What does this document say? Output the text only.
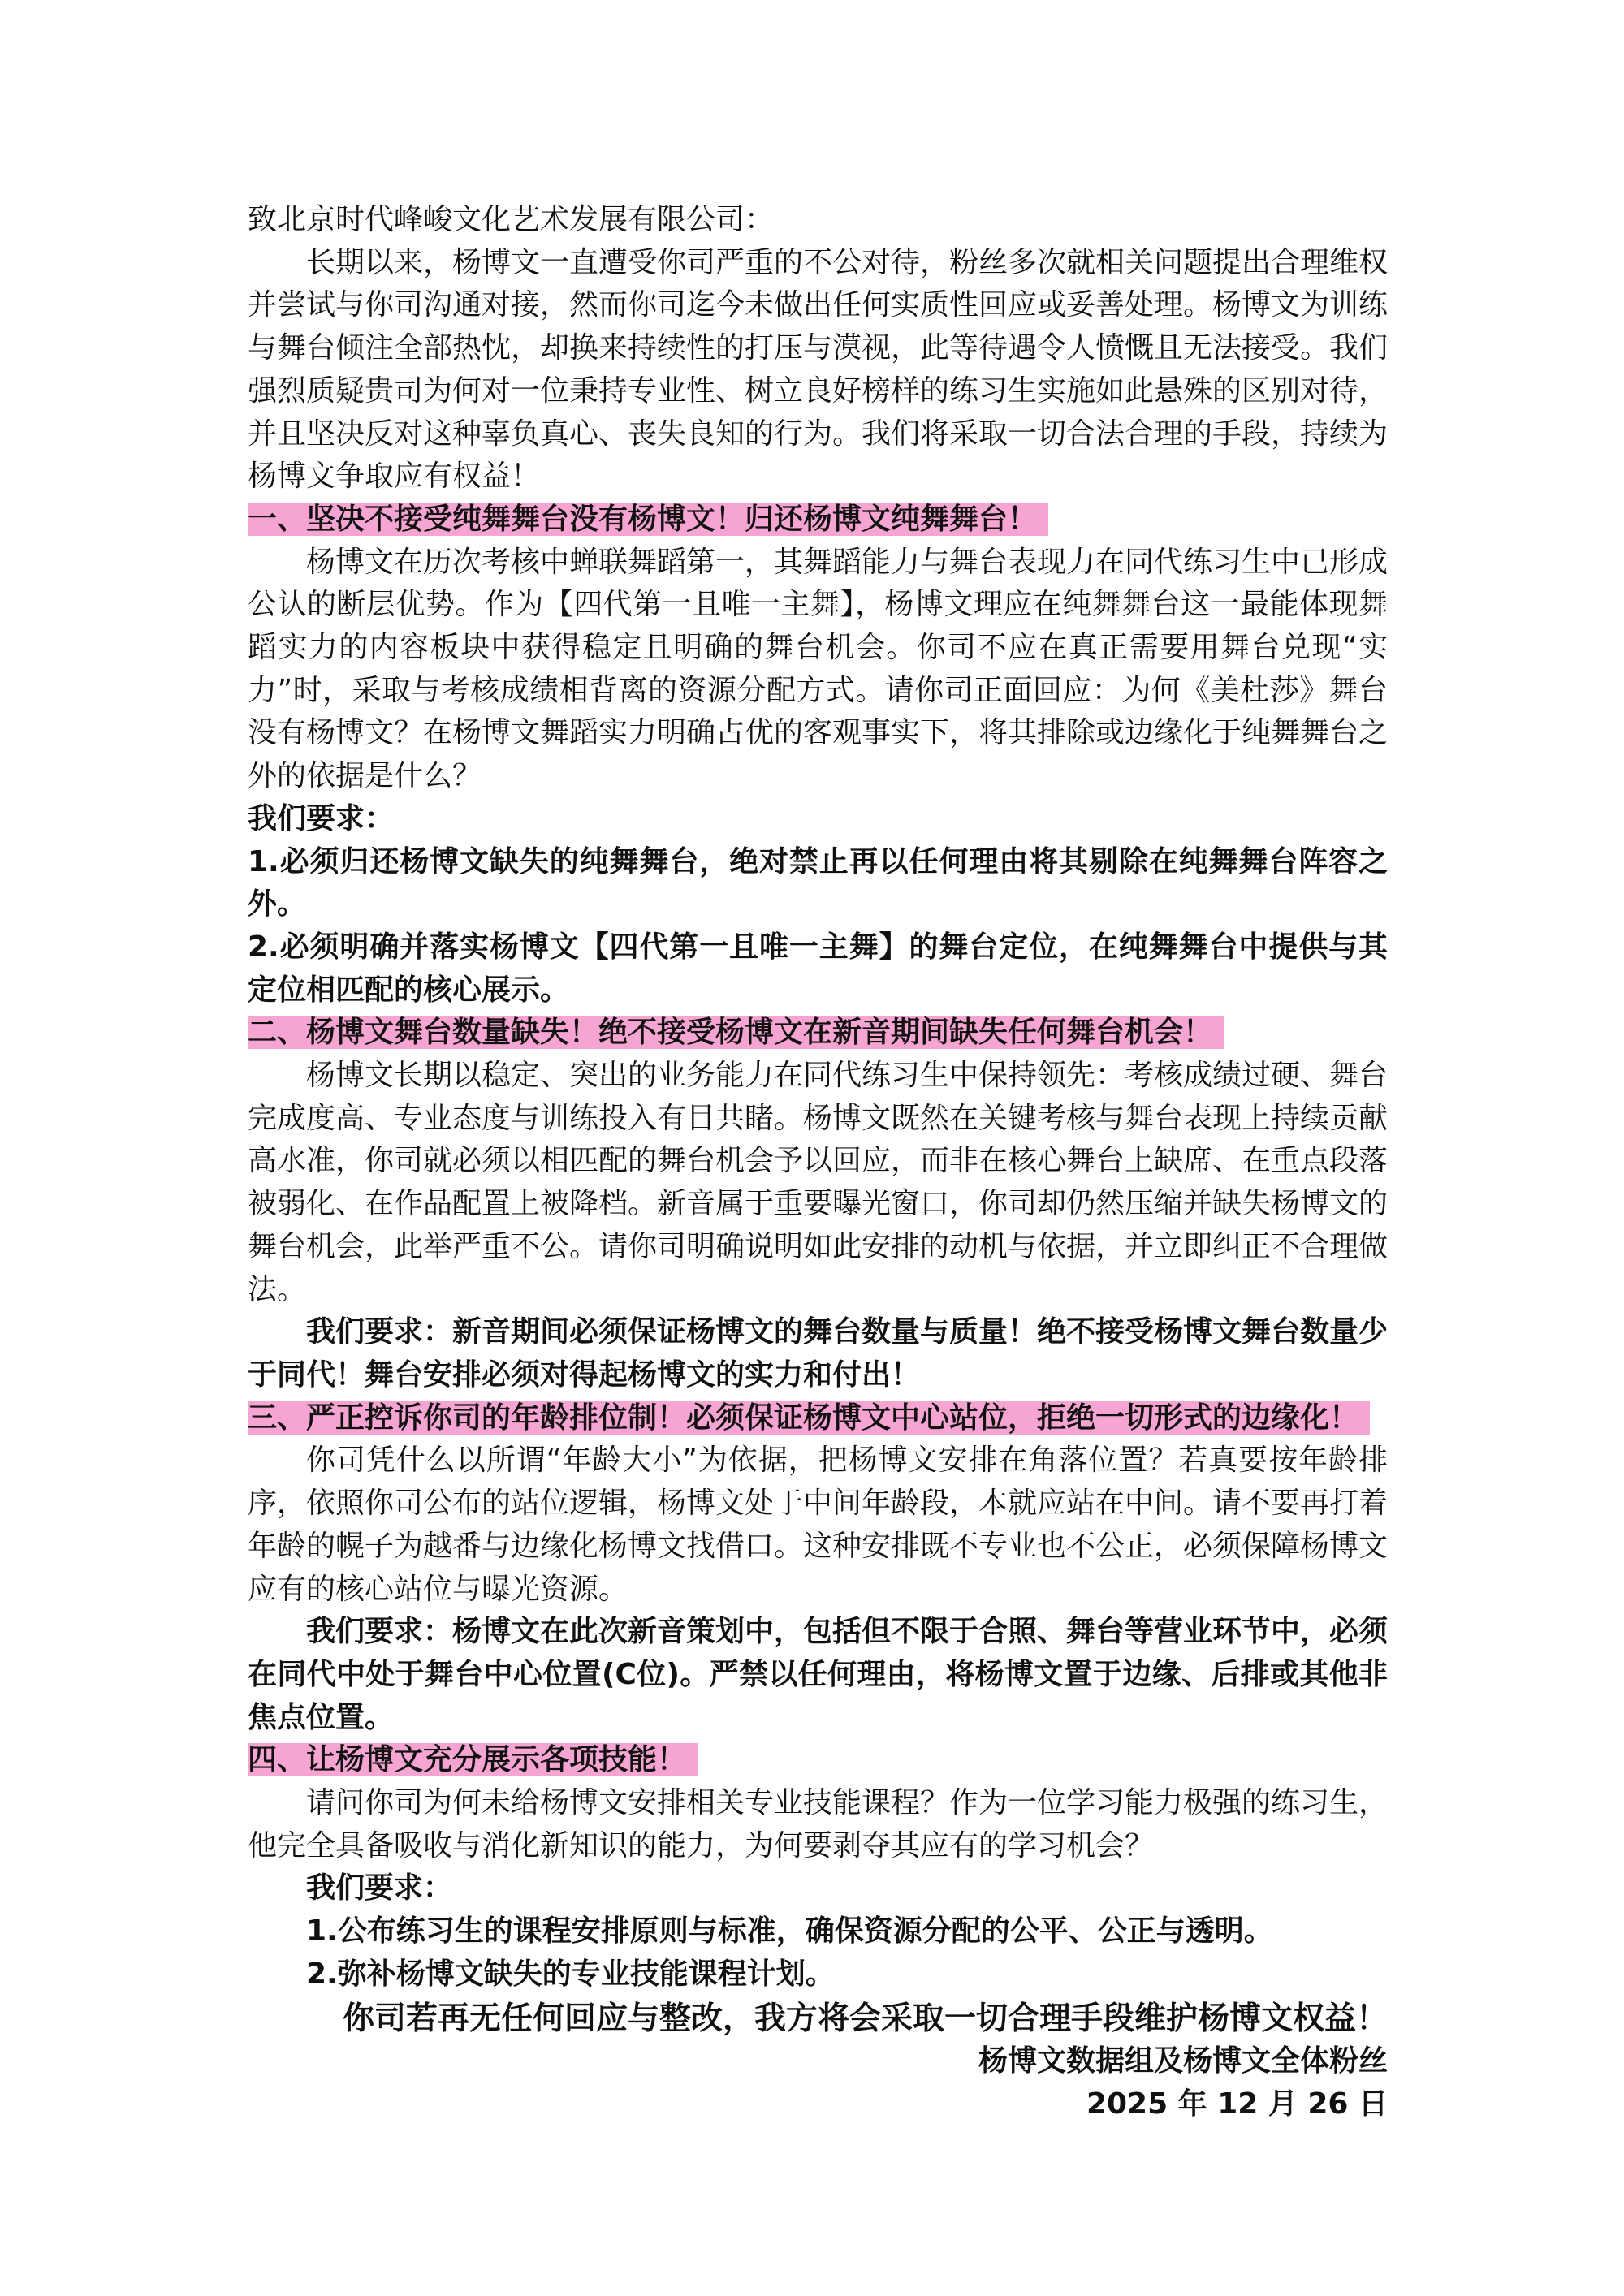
致北京时代峰峻文化艺术发展有限公司：

长期以来，杨博文一直遭受你司严重的不公对待，粉丝多次就相关问题提出合理维权并尝试与你司沟通对接，然而你司迄今未做出任何实质性回应或妥善处理。杨博文为训练与舞台倾注全部热忱，却换来持续性的打压与漠视，此等待遇令人愤慨且无法接受。我们强烈质疑贵司为何对一位秉持专业性、树立良好榜样的练习生实施如此悬殊的区别对待，并且坚决反对这种辜负真心、丧失良知的行为。我们将采取一切合法合理的手段，持续为杨博文争取应有权益！

一、坚决不接受纯舞舞台没有杨博文！归还杨博文纯舞舞台！

杨博文在历次考核中蝉联舞蹈第一，其舞蹈能力与舞台表现力在同代练习生中已形成公认的断层优势。作为【四代第一且唯一主舞】，杨博文理应在纯舞舞台这一最能体现舞蹈实力的内容板块中获得稳定且明确的舞台机会。你司不应在真正需要用舞台兑现“实力”时，采取与考核成绩相背离的资源分配方式。请你司正面回应：为何《美杜莎》舞台没有杨博文？在杨博文舞蹈实力明确占优的客观事实下，将其排除或边缘化于纯舞舞台之外的依据是什么？

我们要求：

1.必须归还杨博文缺失的纯舞舞台，绝对禁止再以任何理由将其剔除在纯舞舞台阵容之外。

2.必须明确并落实杨博文【四代第一且唯一主舞】的舞台定位，在纯舞舞台中提供与其定位相匹配的核心展示。

二、杨博文舞台数量缺失！绝不接受杨博文在新音期间缺失任何舞台机会！

杨博文长期以稳定、突出的业务能力在同代练习生中保持领先：考核成绩过硬、舞台完成度高、专业态度与训练投入有目共睹。杨博文既然在关键考核与舞台表现上持续贡献高水准，你司就必须以相匹配的舞台机会予以回应，而非在核心舞台上缺席、在重点段落被弱化、在作品配置上被降档。新音属于重要曝光窗口，你司却仍然压缩并缺失杨博文的舞台机会，此举严重不公。请你司明确说明如此安排的动机与依据，并立即纠正不合理做法。

我们要求：新音期间必须保证杨博文的舞台数量与质量！绝不接受杨博文舞台数量少于同代！舞台安排必须对得起杨博文的实力和付出！

三、严正控诉你司的年龄排位制！必须保证杨博文中心站位，拒绝一切形式的边缘化！

你司凭什么以所谓“年龄大小”为依据，把杨博文安排在角落位置？若真要按年龄排序，依照你司公布的站位逻辑，杨博文处于中间年龄段，本就应站在中间。请不要再打着年龄的幌子为越番与边缘化杨博文找借口。这种安排既不专业也不公正，必须保障杨博文应有的核心站位与曝光资源。

我们要求：杨博文在此次新音策划中，包括但不限于合照、舞台等营业环节中，必须在同代中处于舞台中心位置(C位)。严禁以任何理由，将杨博文置于边缘、后排或其他非焦点位置。

四、让杨博文充分展示各项技能！

请问你司为何未给杨博文安排相关专业技能课程？作为一位学习能力极强的练习生，他完全具备吸收与消化新知识的能力，为何要剥夺其应有的学习机会？

我们要求：

1.公布练习生的课程安排原则与标准，确保资源分配的公平、公正与透明。

2.弥补杨博文缺失的专业技能课程计划。

你司若再无任何回应与整改，我方将会采取一切合理手段维护杨博文权益！

杨博文数据组及杨博文全体粉丝

2025 年 12 月 26 日
